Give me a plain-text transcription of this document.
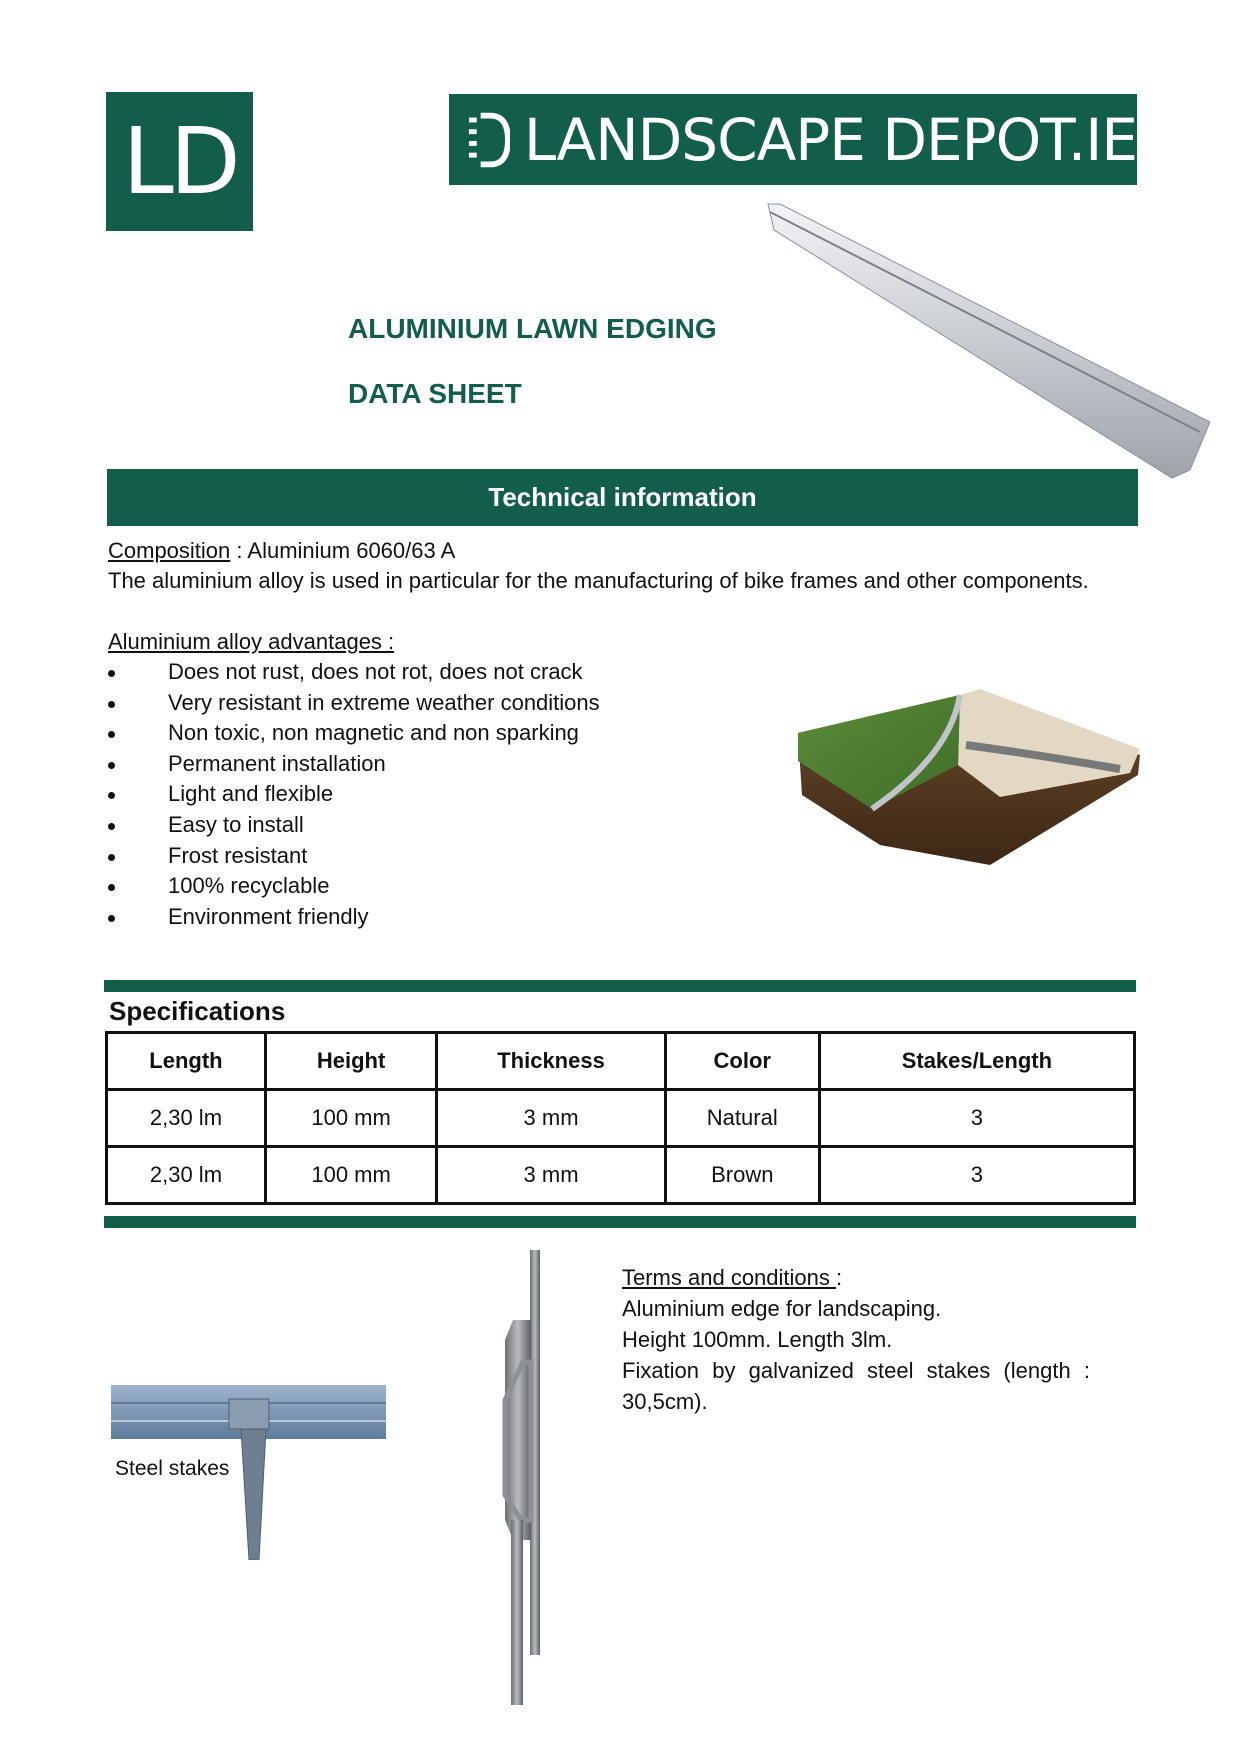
LD	LANDSCAPE DEPOT.IE
ALUMINIUM LAWN EDGING
DATA SHEET
Technical information
Composition : Aluminium 6060/63 A
The aluminium alloy is used in particular for the manufacturing of bike frames and other components.
Aluminium alloy advantages :
Does not rust, does not rot, does not crack
Very resistant in extreme weather conditions
Non toxic, non magnetic and non sparking
Permanent installation
Light and flexible
Easy to install
Frost resistant
100% recyclable
Environment friendly
Specifications
Length	Height	Thickness	Color	Stakes/Length
2,30 lm	100 mm	3 mm	Natural	3
2,30 lm	100 mm	3 mm	Brown	3
Steel stakes
Terms and conditions :
Aluminium edge for landscaping.
Height 100mm. Length 3lm.
Fixation by galvanized steel stakes (length :
30,5cm).
